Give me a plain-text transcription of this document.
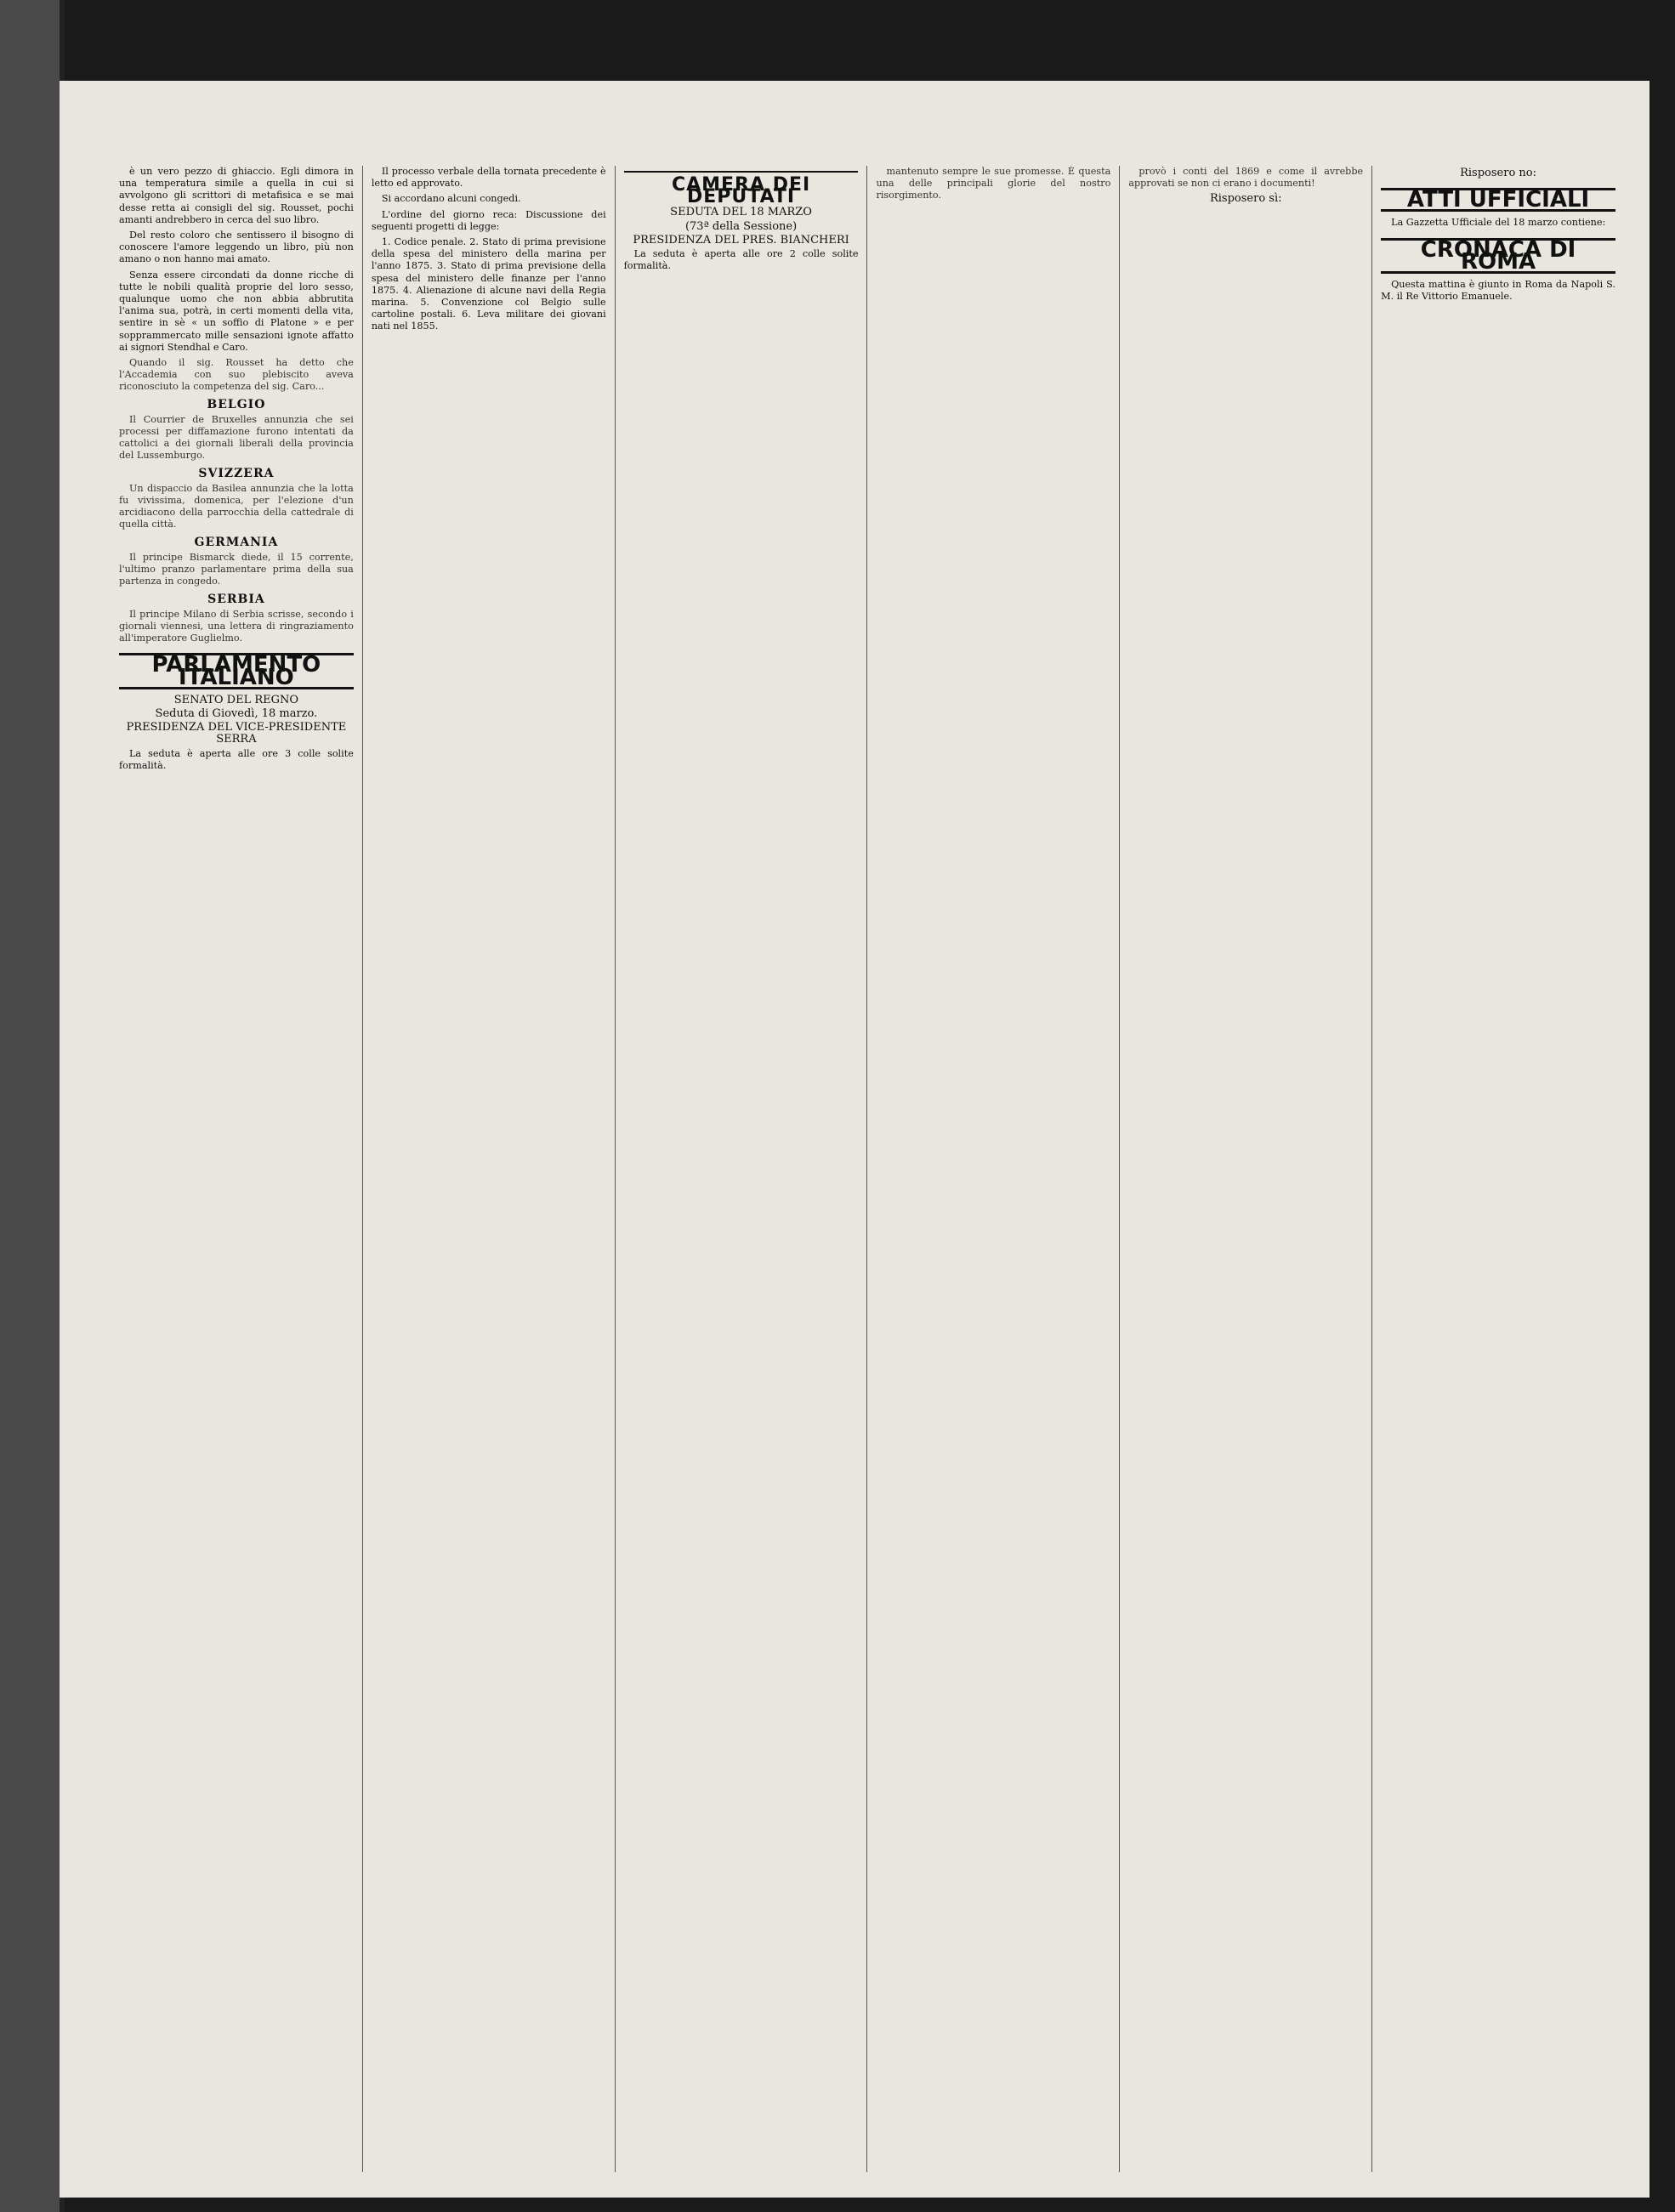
è un vero pezzo di ghiaccio. Egli dimora in una temperatura simile a quella in cui si avvolgono gli scrittori di metafisica e se mai desse retta ai consigli del sig. Rousset, pochi amanti andrebbero in cerca del suo libro.

Del resto coloro che sentissero il bisogno di conoscere l'amore leggendo un libro, più non amano o non hanno mai amato.

Senza essere circondati da donne ricche di tutte le nobili qualità proprie del loro sesso, qualunque uomo che non abbia abbrutita l'anima sua, potrà, in certi momenti della vita, sentire in sè « un soffio di Platone » e per sopprammercato mille sensazioni ignote affatto ai signori Stendhal e Caro.

Quando il sig. Rousset ha detto che l'Accademia con suo plebiscito aveva riconosciuto la competenza del sig. Caro...

BELGIO

Il Courrier de Bruxelles annunzia che sei processi per diffamazione furono intentati da cattolici a dei giornali liberali della provincia del Lussemburgo.

SVIZZERA

Un dispaccio da Basilea annunzia che la lotta fu vivissima, domenica, per l'elezione d'un arcidiacono della parrocchia della cattedrale di quella città.

GERMANIA

Il principe Bismarck diede, il 15 corrente, l'ultimo pranzo parlamentare prima della sua partenza in congedo.

SERBIA

Il principe Milano di Serbia scrisse, secondo i giornali viennesi, una lettera di ringraziamento all'imperatore Guglielmo.

PARLAMENTO ITALIANO
SENATO DEL REGNO
Seduta di Giovedì, 18 marzo.
PRESIDENZA DEL VICE-PRESIDENTE SERRA

La seduta è aperta alle ore 3 colle solite formalità.

Il processo verbale della tornata precedente è letto ed approvato.

Si accordano alcuni congedi.

L'ordine del giorno reca: Discussione dei seguenti progetti di legge:

1. Codice penale. 2. Stato di prima previsione della spesa del ministero della marina per l'anno 1875. 3. Stato di prima previsione della spesa del ministero delle finanze per l'anno 1875. 4. Alienazione di alcune navi della Regia marina. 5. Convenzione col Belgio sulle cartoline postali. 6. Leva militare dei giovani nati nel 1855.

CAMERA DEI DEPUTATI
SEDUTA DEL 18 MARZO
(73ª della Sessione)
PRESIDENZA DEL PRES. BIANCHERI

La seduta è aperta alle ore 2 colle solite formalità.

mantenuto sempre le sue promesse. È questa una delle principali glorie del nostro risorgimento.

provò i conti del 1869 e come il avrebbe approvati se non ci erano i documenti!

Risposero sì:
Risposero no:
ATTI UFFICIALI

La Gazzetta Ufficiale del 18 marzo contiene:

CRONACA DI ROMA

Questa mattina è giunto in Roma da Napoli S. M. il Re Vittorio Emanuele.
